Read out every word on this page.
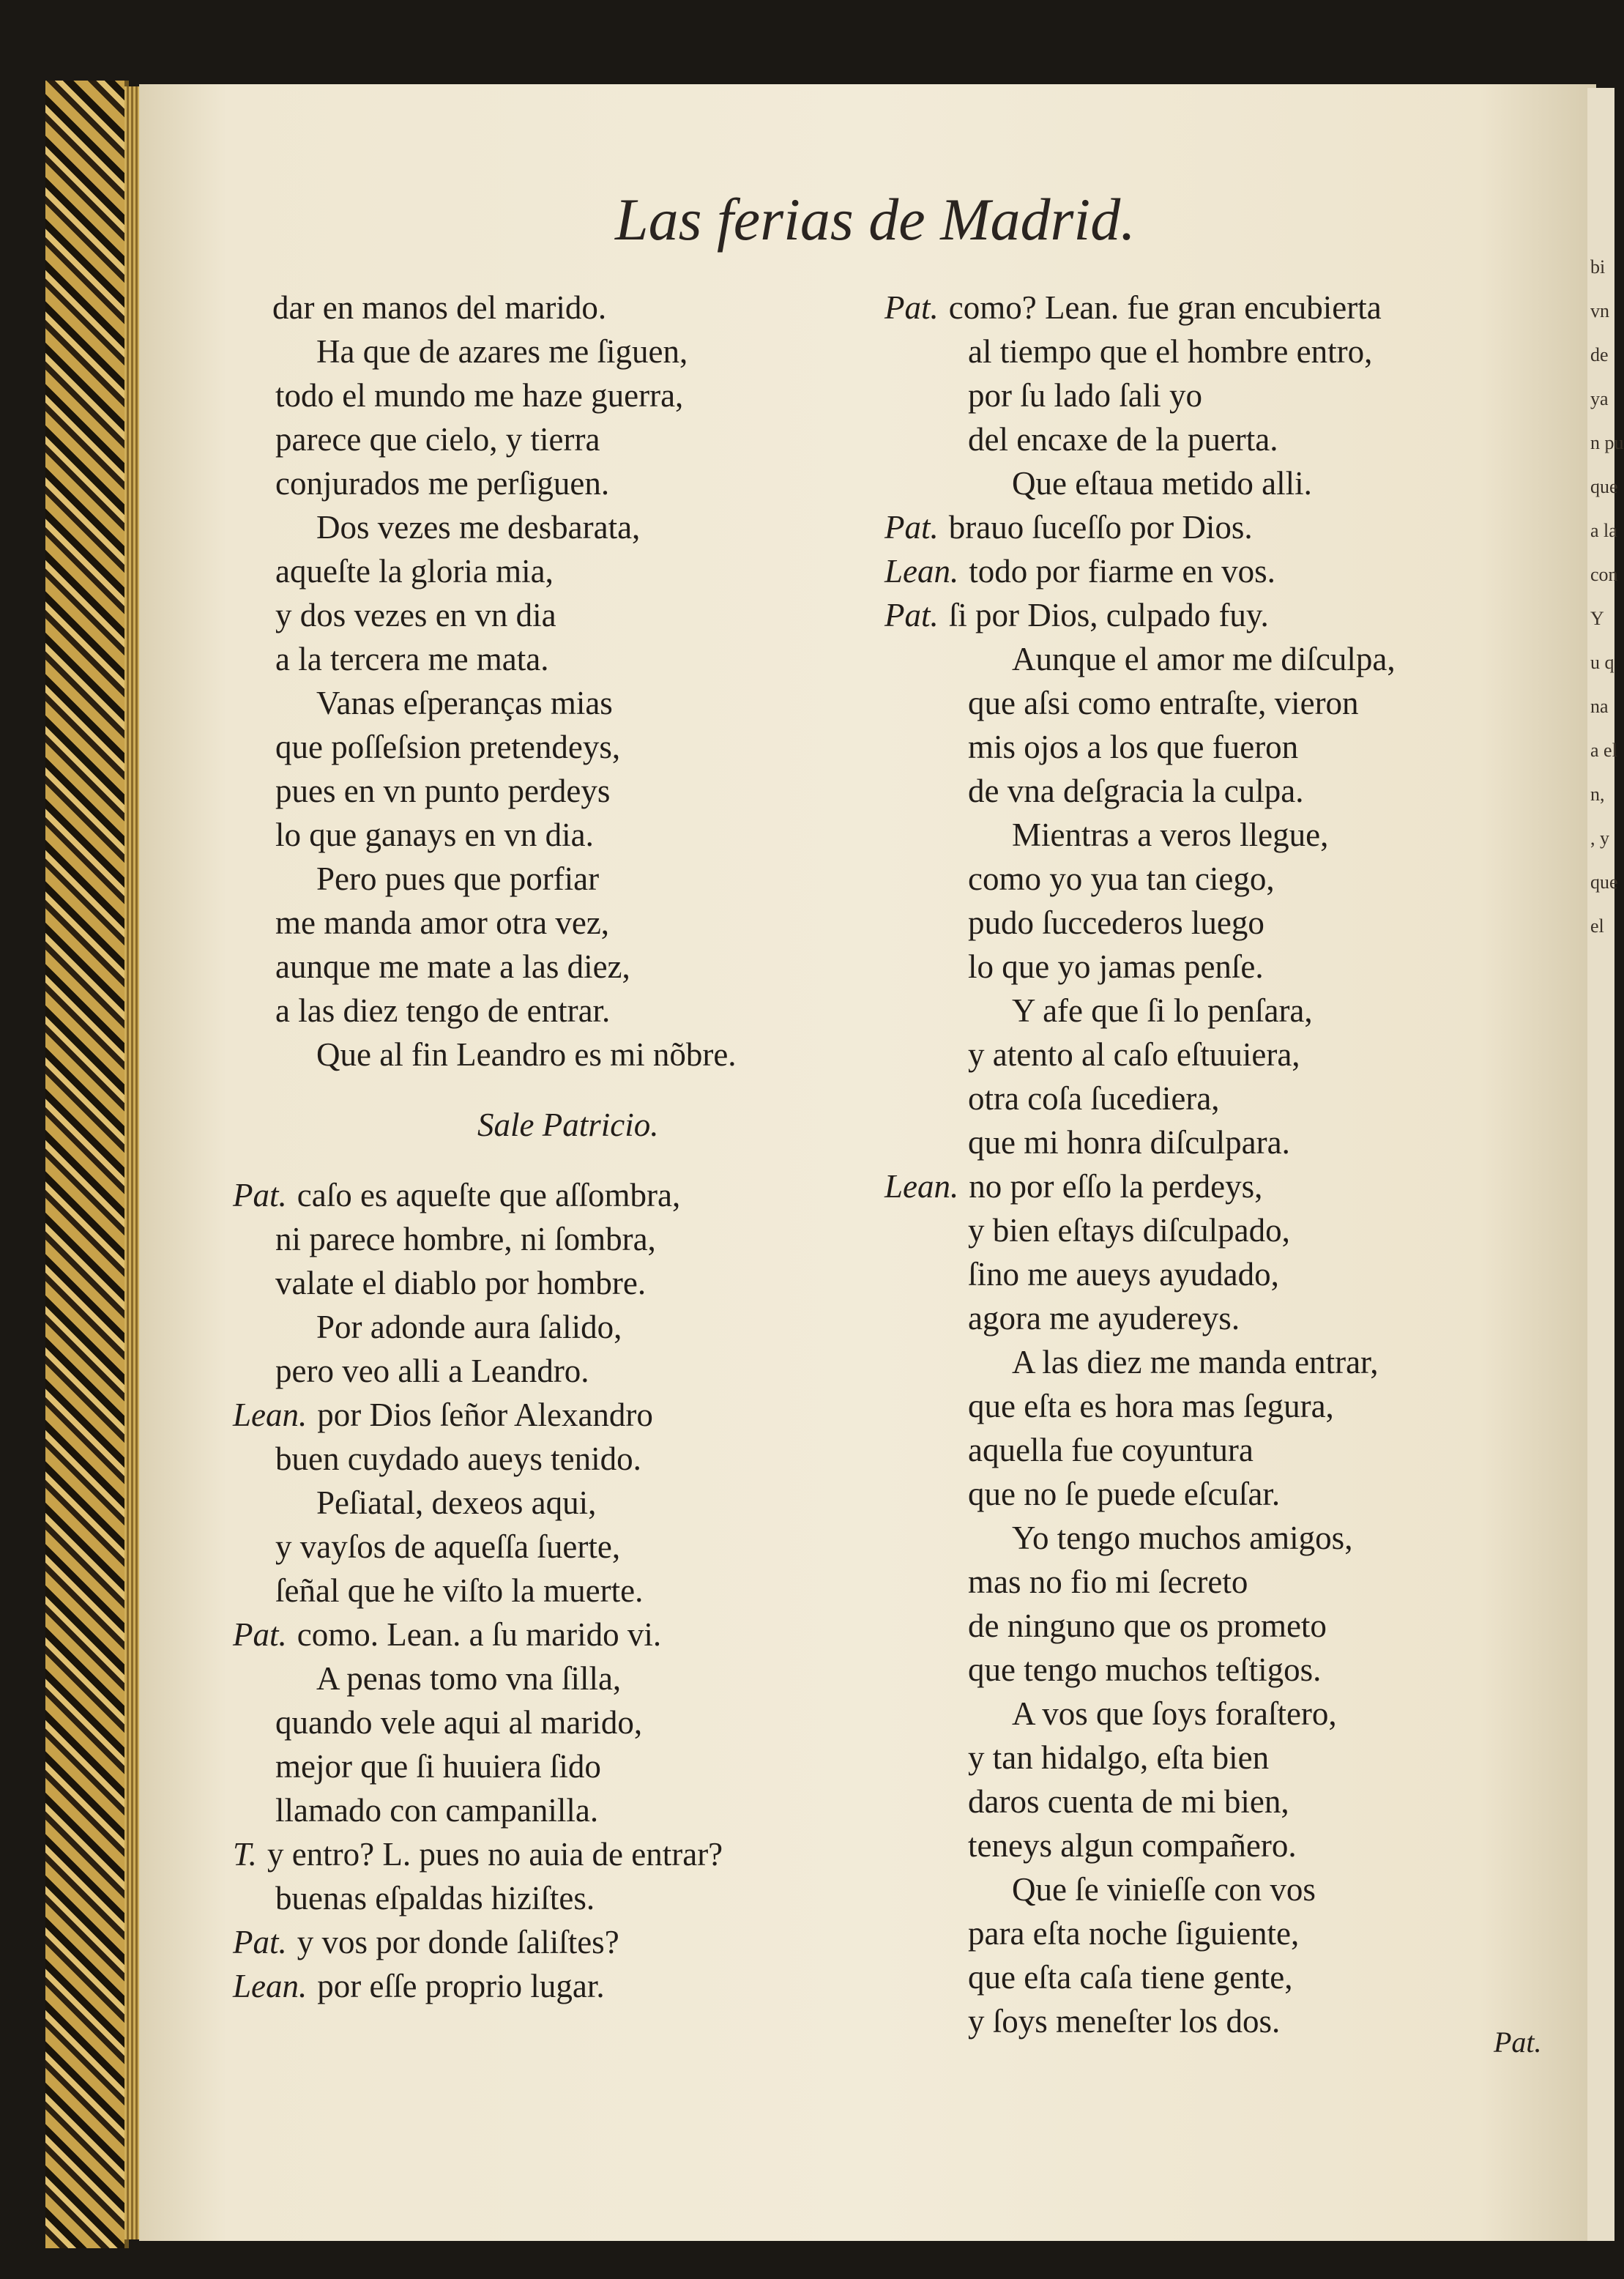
bi
vn
de
ya
n pu
que
a la
con
Y
u q
na
a el
n,
, y
que
el
Las ferias de Madrid.
dar en manos del marido.
Ha que de azares me ſiguen,
todo el mundo me haze guerra,
parece que cielo, y tierra
conjurados me perſiguen.
Dos vezes me desbarata,
aqueſte la gloria mia,
y dos vezes en vn dia
a la tercera me mata.
Vanas eſperanças mias
que poſſeſsion pretendeys,
pues en vn punto perdeys
lo que ganays en vn dia.
Pero pues que porfiar
me manda amor otra vez,
aunque me mate a las diez,
a las diez tengo de entrar.
Que al fin Leandro es mi nõbre.
Sale Patricio.
Pat. caſo es aqueſte que aſſombra,
ni parece hombre, ni ſombra,
valate el diablo por hombre.
Por adonde aura ſalido,
pero veo alli a Leandro.
Lean. por Dios ſeñor Alexandro
buen cuydado aueys tenido.
Peſiatal, dexeos aqui,
y vayſos de aqueſſa ſuerte,
ſeñal que he viſto la muerte.
Pat. como. Lean. a ſu marido vi.
A penas tomo vna ſilla,
quando vele aqui al marido,
mejor que ſi huuiera ſido
llamado con campanilla.
T. y entro? L. pues no auia de entrar?
buenas eſpaldas hiziſtes.
Pat. y vos por donde ſaliſtes?
Lean. por eſſe proprio lugar.
Pat. como? Lean. fue gran encubierta
al tiempo que el hombre entro,
por ſu lado ſali yo
del encaxe de la puerta.
Que eſtaua metido alli.
Pat. brauo ſuceſſo por Dios.
Lean. todo por fiarme en vos.
Pat. ſi por Dios, culpado fuy.
Aunque el amor me diſculpa,
que aſsi como entraſte, vieron
mis ojos a los que fueron
de vna deſgracia la culpa.
Mientras a veros llegue,
como yo yua tan ciego,
pudo ſuccederos luego
lo que yo jamas penſe.
Y afe que ſi lo penſara,
y atento al caſo eſtuuiera,
otra coſa ſucediera,
que mi honra diſculpara.
Lean. no por eſſo la perdeys,
y bien eſtays diſculpado,
ſino me aueys ayudado,
agora me ayudereys.
A las diez me manda entrar,
que eſta es hora mas ſegura,
aquella fue coyuntura
que no ſe puede eſcuſar.
Yo tengo muchos amigos,
mas no fio mi ſecreto
de ninguno que os prometo
que tengo muchos teſtigos.
A vos que ſoys foraſtero,
y tan hidalgo, eſta bien
daros cuenta de mi bien,
teneys algun compañero.
Que ſe vinieſſe con vos
para eſta noche ſiguiente,
que eſta caſa tiene gente,
y ſoys meneſter los dos.
Pat.
